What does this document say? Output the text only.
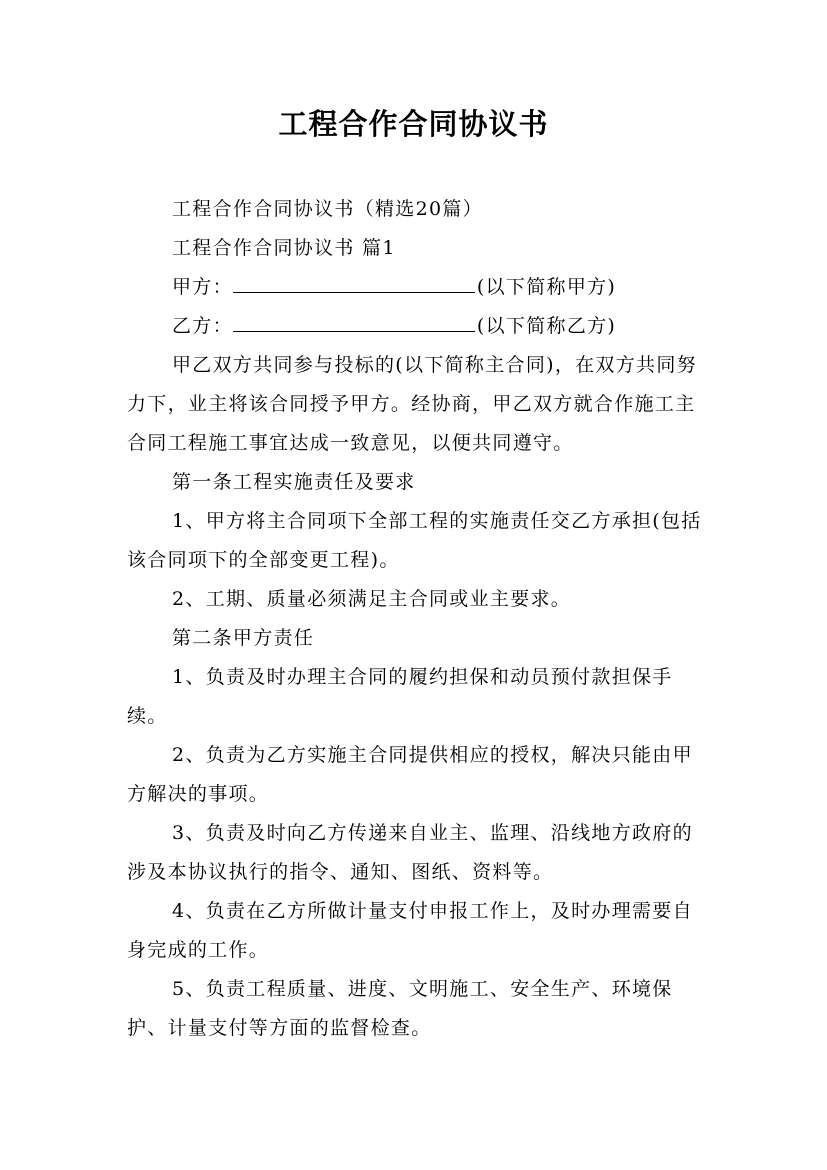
工程合作合同协议书

工程合作合同协议书（精选20篇）

工程合作合同协议书 篇1

甲方：	(以下简称甲方)

乙方：	(以下简称乙方)

甲乙双方共同参与投标的(以下简称主合同)，在双方共同努力下，业主将该合同授予甲方。经协商，甲乙双方就合作施工主合同工程施工事宜达成一致意见，以便共同遵守。

第一条工程实施责任及要求

1、甲方将主合同项下全部工程的实施责任交乙方承担(包括该合同项下的全部变更工程)。

2、工期、质量必须满足主合同或业主要求。

第二条甲方责任

1、负责及时办理主合同的履约担保和动员预付款担保手续。

2、负责为乙方实施主合同提供相应的授权，解决只能由甲方解决的事项。

3、负责及时向乙方传递来自业主、监理、沿线地方政府的涉及本协议执行的指令、通知、图纸、资料等。

4、负责在乙方所做计量支付申报工作上，及时办理需要自身完成的工作。

5、负责工程质量、进度、文明施工、安全生产、环境保护、计量支付等方面的监督检查。
